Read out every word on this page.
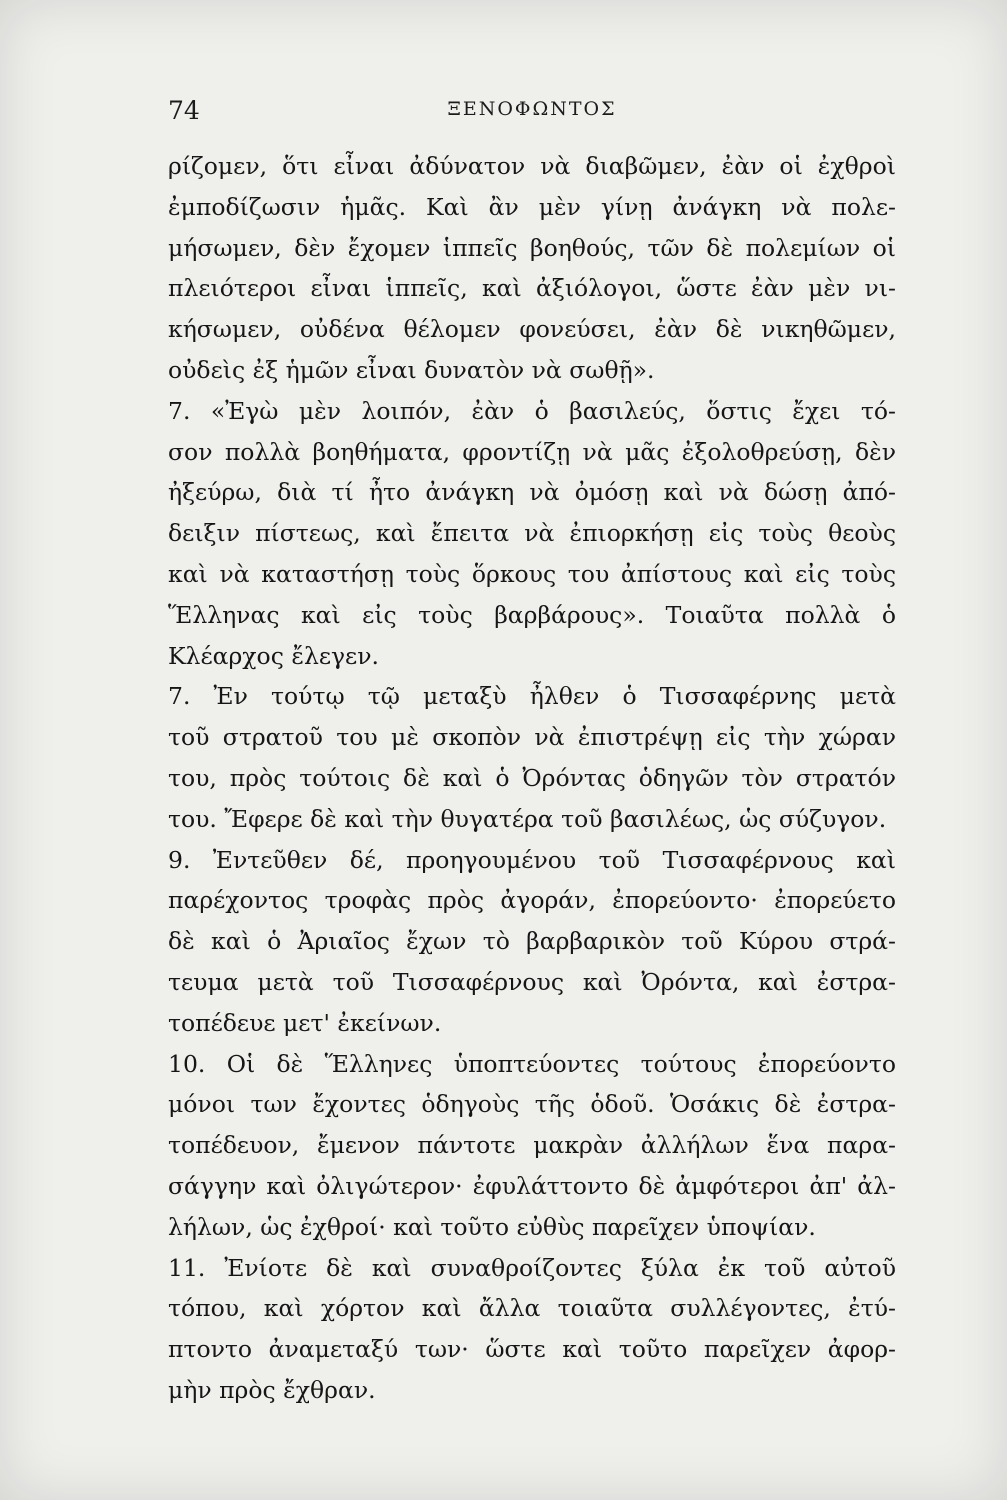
74	ΞΕΝΟΦΩΝΤΟΣ
ρίζομεν, ὅτι εἶναι ἀδύνατον νὰ διαβῶμεν, ἐὰν οἱ ἐχθροὶ
ἐμποδίζωσιν ἡμᾶς. Καὶ ἂν μὲν γίνῃ ἀνάγκη νὰ πολε-
μήσωμεν, δὲν ἔχομεν ἱππεῖς βοηθούς, τῶν δὲ πολεμίων οἱ
πλειότεροι εἶναι ἱππεῖς, καὶ ἀξιόλογοι, ὥστε ἐὰν μὲν νι-
κήσωμεν, οὐδένα θέλομεν φονεύσει, ἐὰν δὲ νικηθῶμεν,
οὐδεὶς ἐξ ἡμῶν εἶναι δυνατὸν νὰ σωθῇ».
7. «Ἐγὼ μὲν λοιπόν, ἐὰν ὁ βασιλεύς, ὅστις ἔχει τό-
σον πολλὰ βοηθήματα, φροντίζῃ νὰ μᾶς ἐξολοθρεύσῃ, δὲν
ἠξεύρω, διὰ τί ἦτο ἀνάγκη νὰ ὀμόσῃ καὶ νὰ δώσῃ ἀπό-
δειξιν πίστεως, καὶ ἔπειτα νὰ ἐπιορκήσῃ εἰς τοὺς θεοὺς
καὶ νὰ καταστήσῃ τοὺς ὅρκους του ἀπίστους καὶ εἰς τοὺς
Ἕλληνας καὶ εἰς τοὺς βαρβάρους». Τοιαῦτα πολλὰ ὁ
Κλέαρχος ἔλεγεν.
7. Ἐν τούτῳ τῷ μεταξὺ ἦλθεν ὁ Τισσαφέρνης μετὰ
τοῦ στρατοῦ του μὲ σκοπὸν νὰ ἐπιστρέψῃ εἰς τὴν χώραν
του, πρὸς τούτοις δὲ καὶ ὁ Ὀρόντας ὁδηγῶν τὸν στρατόν
του. Ἔφερε δὲ καὶ τὴν θυγατέρα τοῦ βασιλέως, ὡς σύζυγον.
9. Ἐντεῦθεν δέ, προηγουμένου τοῦ Τισσαφέρνους καὶ
παρέχοντος τροφὰς πρὸς ἀγοράν, ἐπορεύοντο· ἐπορεύετο
δὲ καὶ ὁ Ἀριαῖος ἔχων τὸ βαρβαρικὸν τοῦ Κύρου στρά-
τευμα μετὰ τοῦ Τισσαφέρνους καὶ Ὀρόντα, καὶ ἐστρα-
τοπέδευε μετ' ἐκείνων.
10. Οἱ δὲ Ἕλληνες ὑποπτεύοντες τούτους ἐπορεύοντο
μόνοι των ἔχοντες ὁδηγοὺς τῆς ὁδοῦ. Ὁσάκις δὲ ἐστρα-
τοπέδευον, ἔμενον πάντοτε μακρὰν ἀλλήλων ἕνα παρα-
σάγγην καὶ ὀλιγώτερον· ἐφυλάττοντο δὲ ἀμφότεροι ἀπ' ἀλ-
λήλων, ὡς ἐχθροί· καὶ τοῦτο εὐθὺς παρεῖχεν ὑποψίαν.
11. Ἐνίοτε δὲ καὶ συναθροίζοντες ξύλα ἐκ τοῦ αὐτοῦ
τόπου, καὶ χόρτον καὶ ἄλλα τοιαῦτα συλλέγοντες, ἐτύ-
πτοντο ἀναμεταξύ των· ὥστε καὶ τοῦτο παρεῖχεν ἀφορ-
μὴν πρὸς ἔχθραν.
